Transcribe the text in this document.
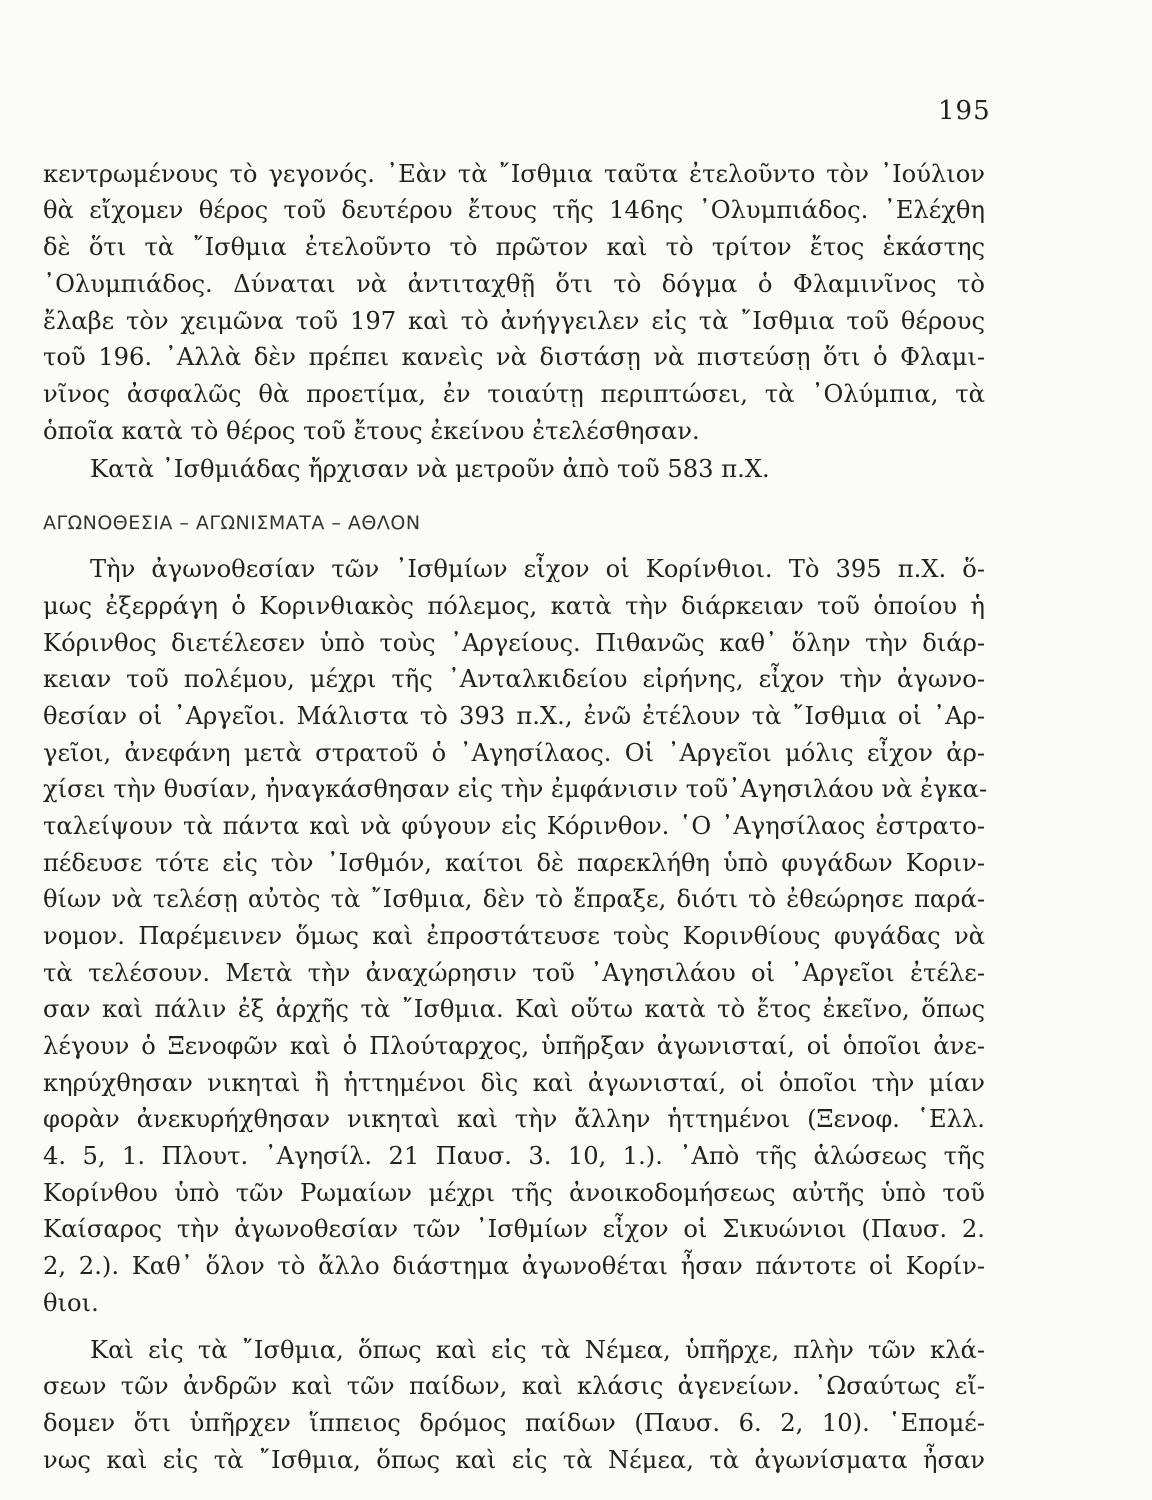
195
κεντρωμένους τὸ γεγονός. ᾿Εὰν τὰ ῎Ισθμια ταῦτα ἐτελοῦντο τὸν ᾿Ιούλιον
θὰ εἴχομεν θέρος τοῦ δευτέρου ἔτους τῆς 146ης ᾿Ολυμπιάδος. ᾿Ελέχθη
δὲ ὅτι τὰ ῎Ισθμια ἐτελοῦντο τὸ πρῶτον καὶ τὸ τρίτον ἔτος ἑκάστης
᾿Ολυμπιάδος. Δύναται νὰ ἀντιταχθῇ ὅτι τὸ δόγμα ὁ Φλαμινῖνος τὸ
ἔλαβε τὸν χειμῶνα τοῦ 197 καὶ τὸ ἀνήγγειλεν εἰς τὰ ῎Ισθμια τοῦ θέρους
τοῦ 196. ᾿Αλλὰ δὲν πρέπει κανεὶς νὰ διστάσῃ νὰ πιστεύσῃ ὅτι ὁ Φλαμι-
νῖνος ἀσφαλῶς θὰ προετίμα, ἐν τοιαύτῃ περιπτώσει, τὰ ᾿Ολύμπια, τὰ
ὁποῖα κατὰ τὸ θέρος τοῦ ἔτους ἐκείνου ἐτελέσθησαν.
Κατὰ ᾿Ισθμιάδας ἤρχισαν νὰ μετροῦν ἀπὸ τοῦ 583 π.Χ.
ΑΓΩΝΟΘΕΣΙΑ – ΑΓΩΝΙΣΜΑΤΑ – ΑΘΛΟΝ
Τὴν ἀγωνοθεσίαν τῶν ᾿Ισθμίων εἶχον οἱ Κορίνθιοι. Τὸ 395 π.Χ. ὅ-
μως ἐξερράγη ὁ Κορινθιακὸς πόλεμος, κατὰ τὴν διάρκειαν τοῦ ὁποίου ἡ
Κόρινθος διετέλεσεν ὑπὸ τοὺς ᾿Αργείους. Πιθανῶς καθ᾿ ὅλην τὴν διάρ-
κειαν τοῦ πολέμου, μέχρι τῆς ᾿Ανταλκιδείου εἰρήνης, εἶχον τὴν ἀγωνο-
θεσίαν οἱ ᾿Αργεῖοι. Μάλιστα τὸ 393 π.Χ., ἐνῶ ἐτέλουν τὰ ῎Ισθμια οἱ ᾿Αρ-
γεῖοι, ἀνεφάνη μετὰ στρατοῦ ὁ ᾿Αγησίλαος. Οἱ ᾿Αργεῖοι μόλις εἶχον ἀρ-
χίσει τὴν θυσίαν, ἠναγκάσθησαν εἰς τὴν ἐμφάνισιν τοῦ᾿Αγησιλάου νὰ ἐγκα-
ταλείψουν τὰ πάντα καὶ νὰ φύγουν εἰς Κόρινθον. ῾Ο ᾿Αγησίλαος ἐστρατο-
πέδευσε τότε εἰς τὸν ᾿Ισθμόν, καίτοι δὲ παρεκλήθη ὑπὸ φυγάδων Κοριν-
θίων νὰ τελέσῃ αὐτὸς τὰ ῎Ισθμια, δὲν τὸ ἔπραξε, διότι τὸ ἐθεώρησε παρά-
νομον. Παρέμεινεν ὅμως καὶ ἐπροστάτευσε τοὺς Κορινθίους φυγάδας νὰ
τὰ τελέσουν. Μετὰ τὴν ἀναχώρησιν τοῦ ᾿Αγησιλάου οἱ ᾿Αργεῖοι ἐτέλε-
σαν καὶ πάλιν ἐξ ἀρχῆς τὰ ῎Ισθμια. Καὶ οὕτω κατὰ τὸ ἔτος ἐκεῖνο, ὅπως
λέγουν ὁ Ξενοφῶν καὶ ὁ Πλούταρχος, ὑπῆρξαν ἀγωνισταί, οἱ ὁποῖοι ἀνε-
κηρύχθησαν νικηταὶ ἢ ἡττημένοι δὶς καὶ ἀγωνισταί, οἱ ὁποῖοι τὴν μίαν
φορὰν ἀνεκυρήχθησαν νικηταὶ καὶ τὴν ἄλλην ἡττημένοι (Ξενοφ. ῾Ελλ.
4. 5, 1. Πλουτ. ᾿Αγησίλ. 21 Παυσ. 3. 10, 1.). ᾿Απὸ τῆς ἁλώσεως τῆς
Κορίνθου ὑπὸ τῶν Ρωμαίων μέχρι τῆς ἀνοικοδομήσεως αὐτῆς ὑπὸ τοῦ
Καίσαρος τὴν ἀγωνοθεσίαν τῶν ᾿Ισθμίων εἶχον οἱ Σικυώνιοι (Παυσ. 2.
2, 2.). Καθ᾿ ὅλον τὸ ἄλλο διάστημα ἀγωνοθέται ἦσαν πάντοτε οἱ Κορίν-
θιοι.
Καὶ εἰς τὰ ῎Ισθμια, ὅπως καὶ εἰς τὰ Νέμεα, ὑπῆρχε, πλὴν τῶν κλά-
σεων τῶν ἀνδρῶν καὶ τῶν παίδων, καὶ κλάσις ἀγενείων. ᾿Ωσαύτως εἴ-
δομεν ὅτι ὑπῆρχεν ἵππειος δρόμος παίδων (Παυσ. 6. 2, 10). ῾Επομέ-
νως καὶ εἰς τὰ ῎Ισθμια, ὅπως καὶ εἰς τὰ Νέμεα, τὰ ἀγωνίσματα ἦσαν
